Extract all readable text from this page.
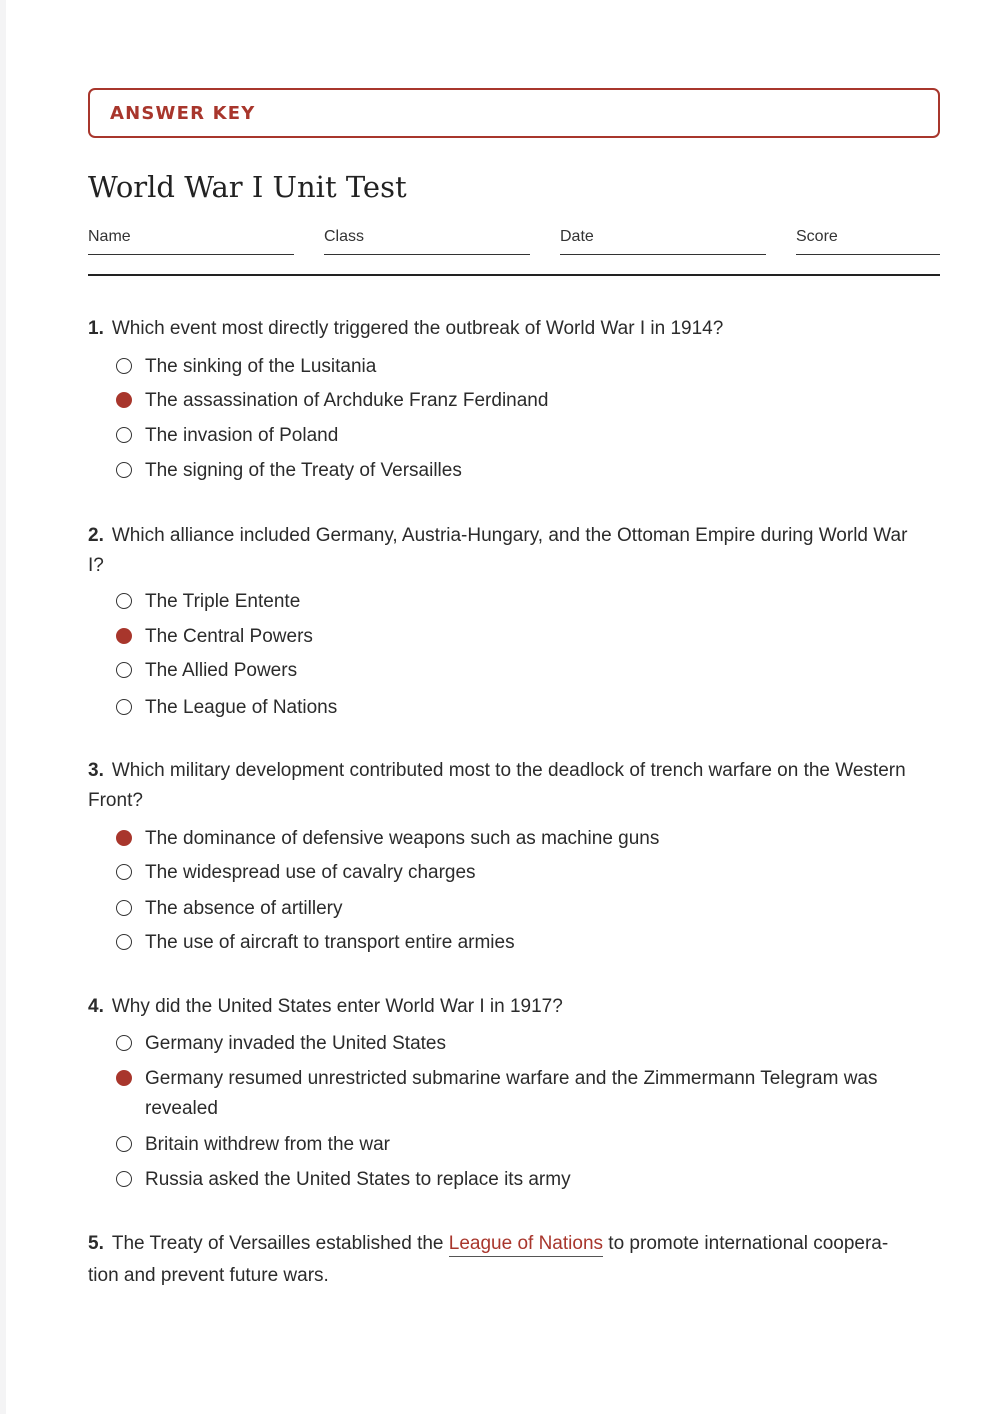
ANSWER KEY
World War I Unit Test
Name	Class	Date	Score
1. Which event most directly triggered the outbreak of World War I in 1914?
The sinking of the Lusitania
The assassination of Archduke Franz Ferdinand
The invasion of Poland
The signing of the Treaty of Versailles
2. Which alliance included Germany, Austria-Hungary, and the Ottoman Empire during World War I?
The Triple Entente
The Central Powers
The Allied Powers
The League of Nations
3. Which military development contributed most to the deadlock of trench warfare on the Western Front?
The dominance of defensive weapons such as machine guns
The widespread use of cavalry charges
The absence of artillery
The use of aircraft to transport entire armies
4. Why did the United States enter World War I in 1917?
Germany invaded the United States
Germany resumed unrestricted submarine warfare and the Zimmermann Telegram was revealed
Britain withdrew from the war
Russia asked the United States to replace its army
5. The Treaty of Versailles established the League of Nations to promote international coopera-tion and prevent future wars.
